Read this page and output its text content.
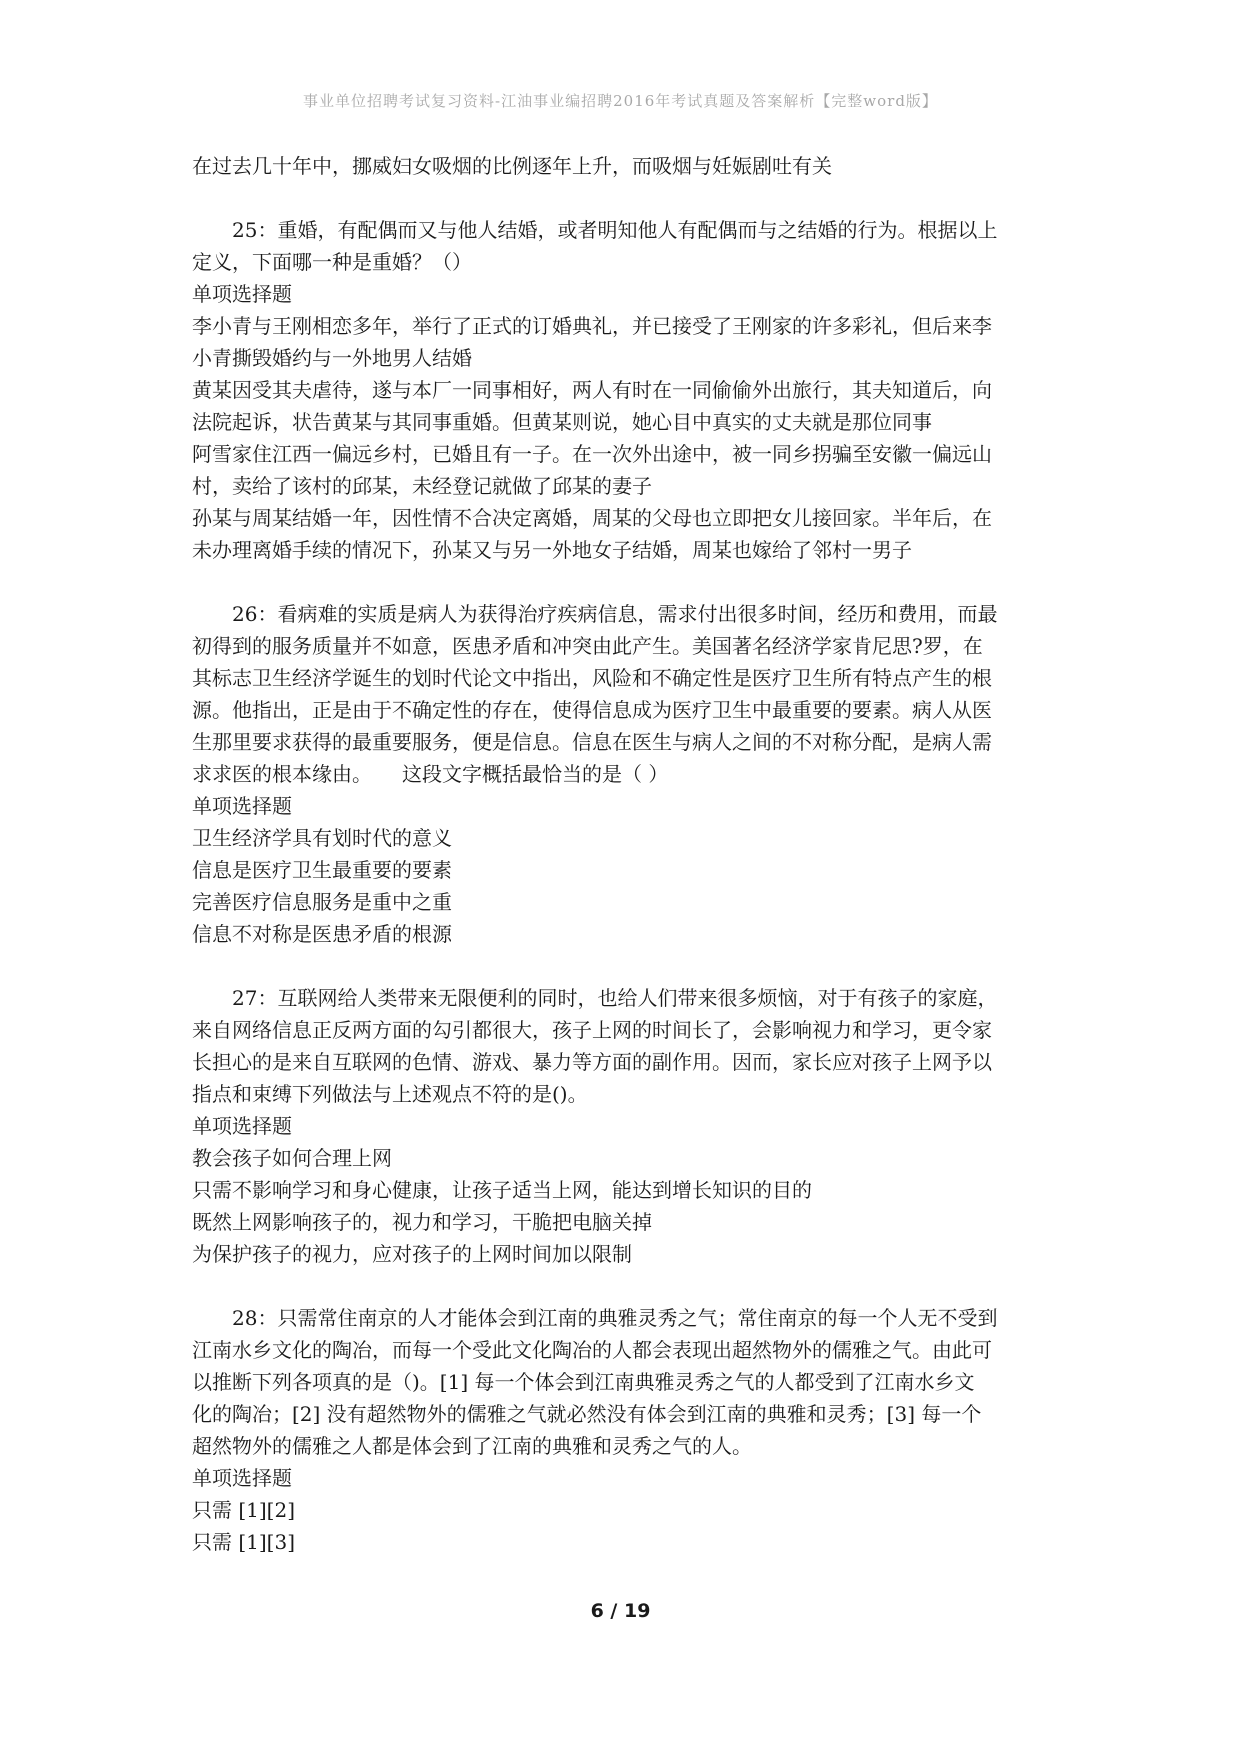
事业单位招聘考试复习资料-江油事业编招聘2016年考试真题及答案解析【完整word版】
在过去几十年中，挪威妇女吸烟的比例逐年上升，而吸烟与妊娠剧吐有关
25：重婚，有配偶而又与他人结婚，或者明知他人有配偶而与之结婚的行为。根据以上
定义，下面哪一种是重婚？（）
单项选择题
李小青与王刚相恋多年，举行了正式的订婚典礼，并已接受了王刚家的许多彩礼，但后来李
小青撕毁婚约与一外地男人结婚
黄某因受其夫虐待，遂与本厂一同事相好，两人有时在一同偷偷外出旅行，其夫知道后，向
法院起诉，状告黄某与其同事重婚。但黄某则说，她心目中真实的丈夫就是那位同事
阿雪家住江西一偏远乡村，已婚且有一子。在一次外出途中，被一同乡拐骗至安徽一偏远山
村，卖给了该村的邱某，未经登记就做了邱某的妻子
孙某与周某结婚一年，因性情不合决定离婚，周某的父母也立即把女儿接回家。半年后，在
未办理离婚手续的情况下，孙某又与另一外地女子结婚，周某也嫁给了邻村一男子
26：看病难的实质是病人为获得治疗疾病信息，需求付出很多时间，经历和费用，而最
初得到的服务质量并不如意，医患矛盾和冲突由此产生。美国著名经济学家肯尼思?罗，在
其标志卫生经济学诞生的划时代论文中指出，风险和不确定性是医疗卫生所有特点产生的根
源。他指出，正是由于不确定性的存在，使得信息成为医疗卫生中最重要的要素。病人从医
生那里要求获得的最重要服务，便是信息。信息在医生与病人之间的不对称分配，是病人需
求求医的根本缘由。　　这段文字概括最恰当的是（ ）
单项选择题
卫生经济学具有划时代的意义
信息是医疗卫生最重要的要素
完善医疗信息服务是重中之重
信息不对称是医患矛盾的根源
27：互联网给人类带来无限便利的同时，也给人们带来很多烦恼，对于有孩子的家庭，
来自网络信息正反两方面的勾引都很大，孩子上网的时间长了，会影响视力和学习，更令家
长担心的是来自互联网的色情、游戏、暴力等方面的副作用。因而，家长应对孩子上网予以
指点和束缚下列做法与上述观点不符的是()。
单项选择题
教会孩子如何合理上网
只需不影响学习和身心健康，让孩子适当上网，能达到增长知识的目的
既然上网影响孩子的，视力和学习，干脆把电脑关掉
为保护孩子的视力，应对孩子的上网时间加以限制
28：只需常住南京的人才能体会到江南的典雅灵秀之气；常住南京的每一个人无不受到
江南水乡文化的陶冶，而每一个受此文化陶冶的人都会表现出超然物外的儒雅之气。由此可
以推断下列各项真的是（)。[1] 每一个体会到江南典雅灵秀之气的人都受到了江南水乡文
化的陶冶；[2] 没有超然物外的儒雅之气就必然没有体会到江南的典雅和灵秀；[3] 每一个
超然物外的儒雅之人都是体会到了江南的典雅和灵秀之气的人。
单项选择题
只需 [1][2]
只需 [1][3]
6 / 19
